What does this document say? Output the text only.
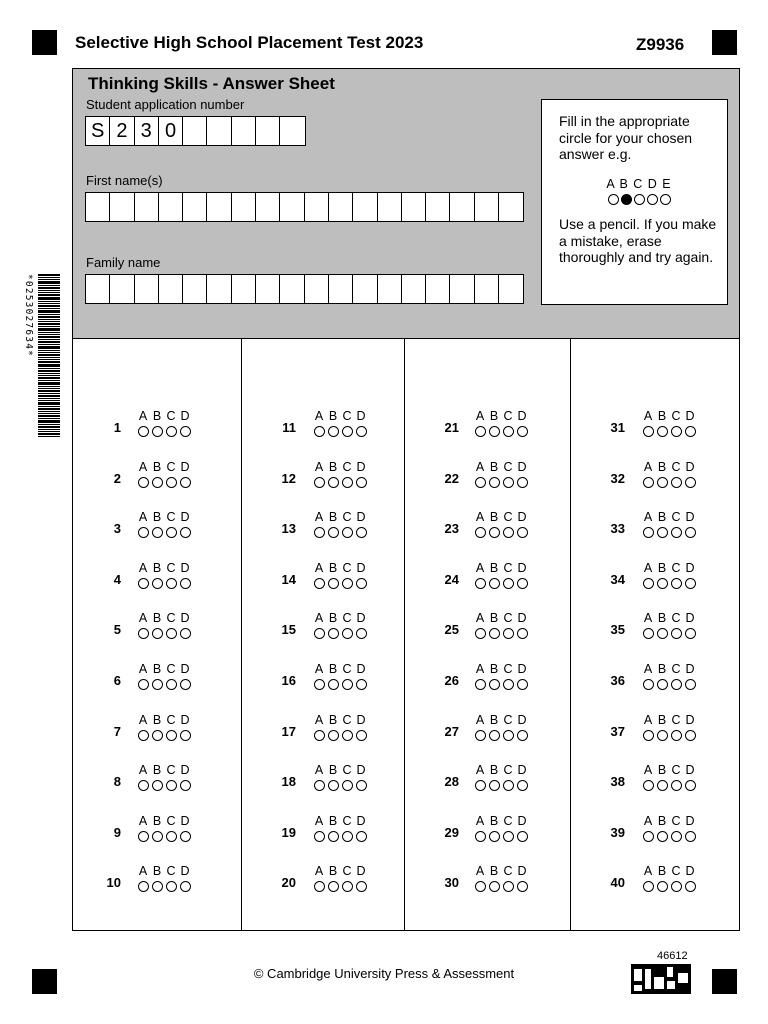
Selective High School Placement Test 2023	Z9936
*0253027634*
Thinking Skills - Answer Sheet
Student application number
S 2 3 0
First name(s)
Family name
Fill in the appropriate circle for your chosen answer e.g.
A B C D E
Use a pencil. If you make a mistake, erase thoroughly and try again.
1
A B C D
2
A B C D
3
A B C D
4
A B C D
5
A B C D
6
A B C D
7
A B C D
8
A B C D
9
A B C D
10
A B C D
11
A B C D
12
A B C D
13
A B C D
14
A B C D
15
A B C D
16
A B C D
17
A B C D
18
A B C D
19
A B C D
20
A B C D
21
A B C D
22
A B C D
23
A B C D
24
A B C D
25
A B C D
26
A B C D
27
A B C D
28
A B C D
29
A B C D
30
A B C D
31
A B C D
32
A B C D
33
A B C D
34
A B C D
35
A B C D
36
A B C D
37
A B C D
38
A B C D
39
A B C D
40
A B C D
46612
© Cambridge University Press & Assessment
